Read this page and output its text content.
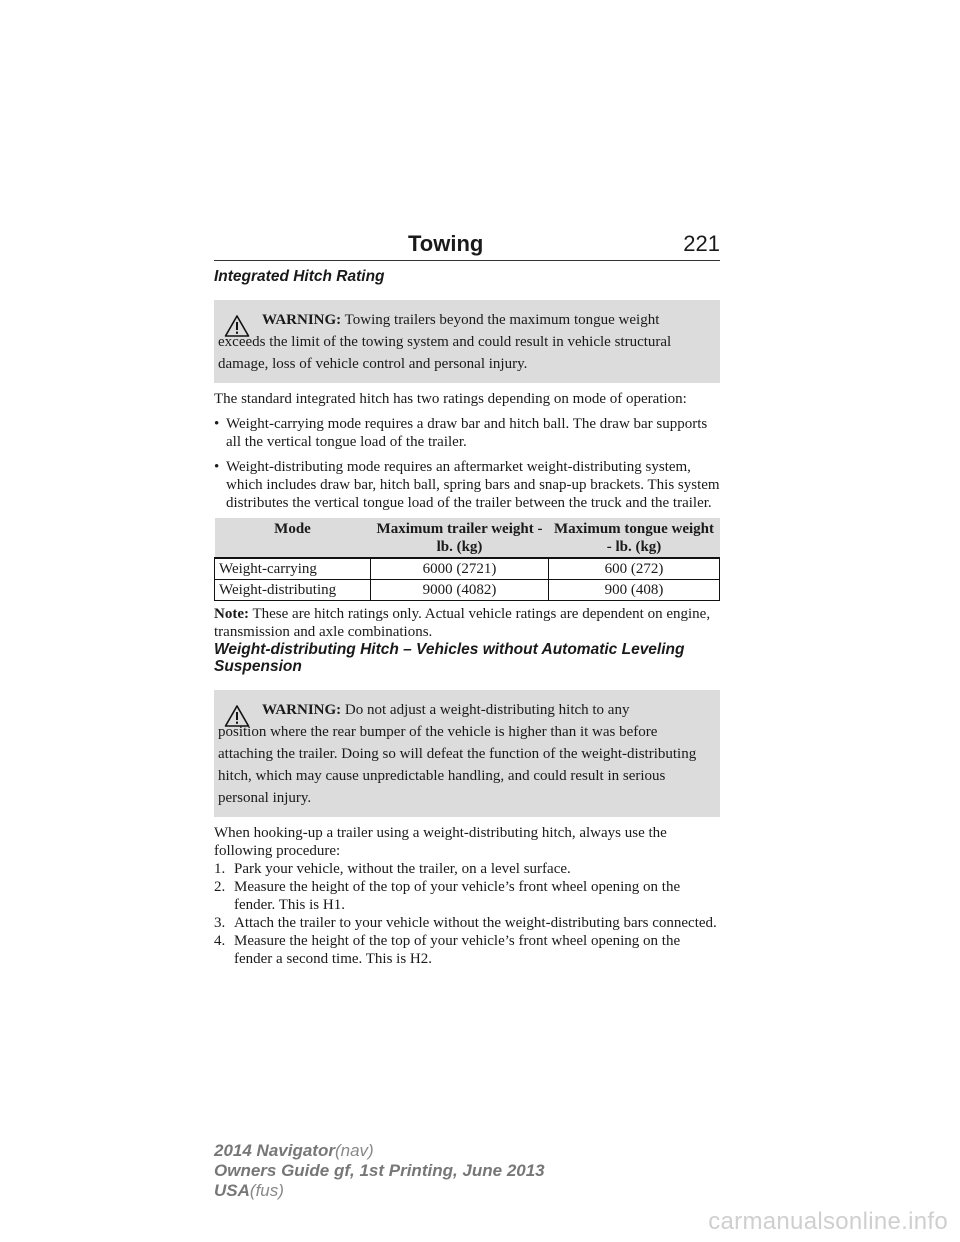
Towing	221
Integrated Hitch Rating
WARNING: Towing trailers beyond the maximum tongue weight
exceeds the limit of the towing system and could result in vehicle structural damage, loss of vehicle control and personal injury.

The standard integrated hitch has two ratings depending on mode of operation:

• Weight-carrying mode requires a draw bar and hitch ball. The draw bar supports all the vertical tongue load of the trailer.
• Weight-distributing mode requires an aftermarket weight-distributing system, which includes draw bar, hitch ball, spring bars and snap-up brackets. This system distributes the vertical tongue load of the trailer between the truck and the trailer.
Mode	Maximum trailer weight - lb. (kg)	Maximum tongue weight - lb. (kg)
Weight-carrying	6000 (2721)	600 (272)
Weight-distributing	9000 (4082)	900 (408)

Note: These are hitch ratings only. Actual vehicle ratings are dependent on engine, transmission and axle combinations.

Weight-distributing Hitch – Vehicles without Automatic Leveling Suspension
WARNING: Do not adjust a weight-distributing hitch to any
position where the rear bumper of the vehicle is higher than it was before attaching the trailer. Doing so will defeat the function of the weight-distributing hitch, which may cause unpredictable handling, and could result in serious personal injury.

When hooking-up a trailer using a weight-distributing hitch, always use the following procedure:

1. Park your vehicle, without the trailer, on a level surface.
2. Measure the height of the top of your vehicle’s front wheel opening on the fender. This is H1.
3. Attach the trailer to your vehicle without the weight-distributing bars connected.
4. Measure the height of the top of your vehicle’s front wheel opening on the fender a second time. This is H2.
2014 Navigator(nav)
Owners Guide gf, 1st Printing, June 2013
USA(fus)
carmanualsonline.info
